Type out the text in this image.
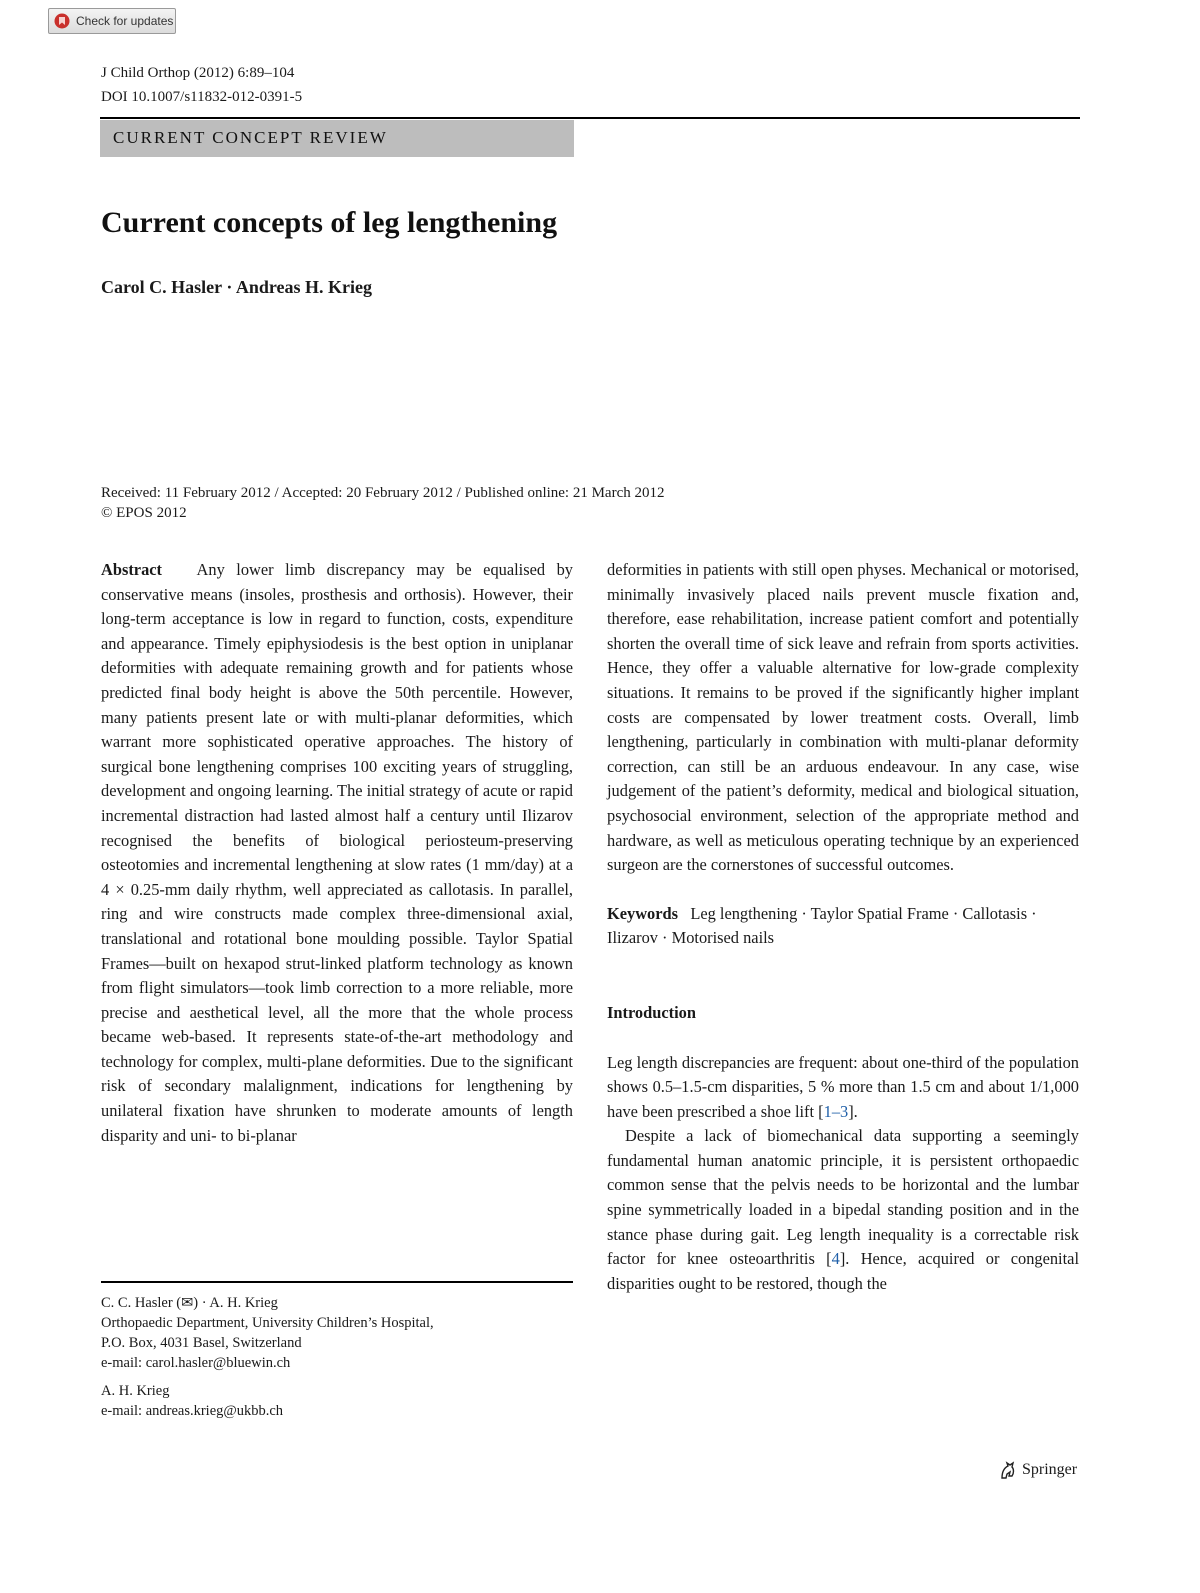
Check for updates
J Child Orthop (2012) 6:89–104
DOI 10.1007/s11832-012-0391-5
CURRENT CONCEPT REVIEW
Current concepts of leg lengthening
Carol C. Hasler · Andreas H. Krieg
Received: 11 February 2012 / Accepted: 20 February 2012 / Published online: 21 March 2012
© EPOS 2012

Abstract Any lower limb discrepancy may be equalised by conservative means (insoles, prosthesis and orthosis). However, their long-term acceptance is low in regard to function, costs, expenditure and appearance. Timely epiphysiodesis is the best option in uniplanar deformities with adequate remaining growth and for patients whose predicted final body height is above the 50th percentile. However, many patients present late or with multi-planar deformities, which warrant more sophisticated operative approaches. The history of surgical bone lengthening comprises 100 exciting years of struggling, development and ongoing learning. The initial strategy of acute or rapid incremental distraction had lasted almost half a century until Ilizarov recognised the benefits of biological periosteum-preserving osteotomies and incremental lengthening at slow rates (1 mm/day) at a 4 × 0.25-mm daily rhythm, well appreciated as callotasis. In parallel, ring and wire constructs made complex three-dimensional axial, translational and rotational bone moulding possible. Taylor Spatial Frames—built on hexapod strut-linked platform technology as known from flight simulators—took limb correction to a more reliable, more precise and aesthetical level, all the more that the whole process became web-based. It represents state-of-the-art methodology and technology for complex, multi-plane deformities. Due to the significant risk of secondary malalignment, indications for lengthening by unilateral fixation have shrunken to moderate amounts of length disparity and uni- to bi-planar

deformities in patients with still open physes. Mechanical or motorised, minimally invasively placed nails prevent muscle fixation and, therefore, ease rehabilitation, increase patient comfort and potentially shorten the overall time of sick leave and refrain from sports activities. Hence, they offer a valuable alternative for low-grade complexity situations. It remains to be proved if the significantly higher implant costs are compensated by lower treatment costs. Overall, limb lengthening, particularly in combination with multi-planar deformity correction, can still be an arduous endeavour. In any case, wise judgement of the patient’s deformity, medical and biological situation, psychosocial environment, selection of the appropriate method and hardware, as well as meticulous operating technique by an experienced surgeon are the cornerstones of successful outcomes.

Keywords Leg lengthening · Taylor Spatial Frame · Callotasis · Ilizarov · Motorised nails

Introduction

Leg length discrepancies are frequent: about one-third of the population shows 0.5–1.5-cm disparities, 5 % more than 1.5 cm and about 1/1,000 have been prescribed a shoe lift [1–3].

Despite a lack of biomechanical data supporting a seemingly fundamental human anatomic principle, it is persistent orthopaedic common sense that the pelvis needs to be horizontal and the lumbar spine symmetrically loaded in a bipedal standing position and in the stance phase during gait. Leg length inequality is a correctable risk factor for knee osteoarthritis [4]. Hence, acquired or congenital disparities ought to be restored, though the

C. C. Hasler (✉) · A. H. Krieg

Orthopaedic Department, University Children’s Hospital,

P.O. Box, 4031 Basel, Switzerland

e-mail: carol.hasler@bluewin.ch

A. H. Krieg

e-mail: andreas.krieg@ukbb.ch

Springer
